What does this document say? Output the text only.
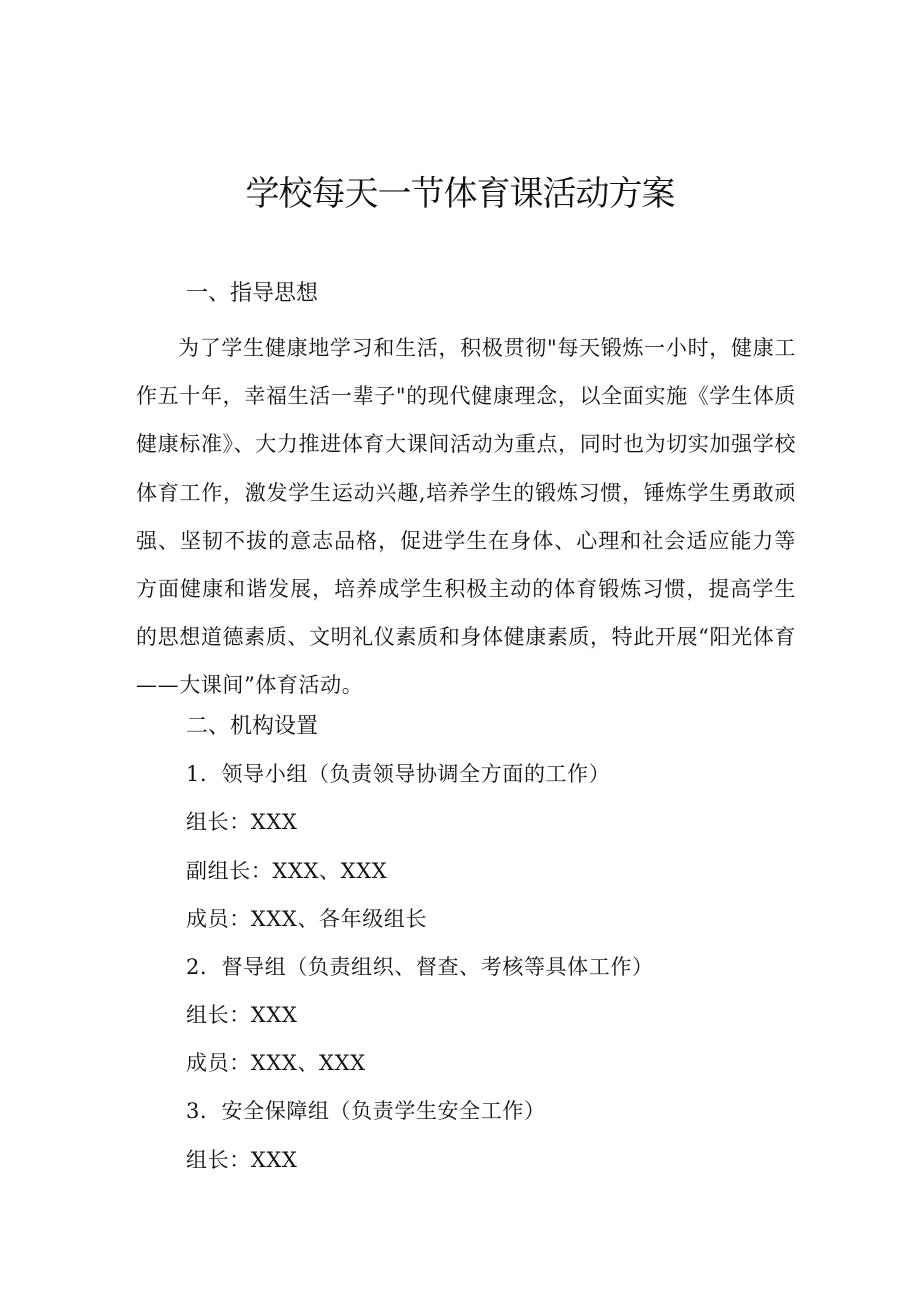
学校每天一节体育课活动方案
一、指导思想

为了学生健康地学习和生活，积极贯彻"每天锻炼一小时，健康工作五十年，幸福生活一辈子"的现代健康理念，以全面实施《学生体质健康标准》、大力推进体育大课间活动为重点，同时也为切实加强学校体育工作，激发学生运动兴趣,培养学生的锻炼习惯，锤炼学生勇敢顽强、坚韧不拔的意志品格，促进学生在身体、心理和社会适应能力等方面健康和谐发展，培养成学生积极主动的体育锻炼习惯，提高学生的思想道德素质、文明礼仪素质和身体健康素质，特此开展“阳光体育——大课间”体育活动。

二、机构设置

1．领导小组（负责领导协调全方面的工作）

组长：XXX

副组长：XXX、XXX

成员：XXX、各年级组长

2．督导组（负责组织、督查、考核等具体工作）

组长：XXX

成员：XXX、XXX

3．安全保障组（负责学生安全工作）

组长：XXX
